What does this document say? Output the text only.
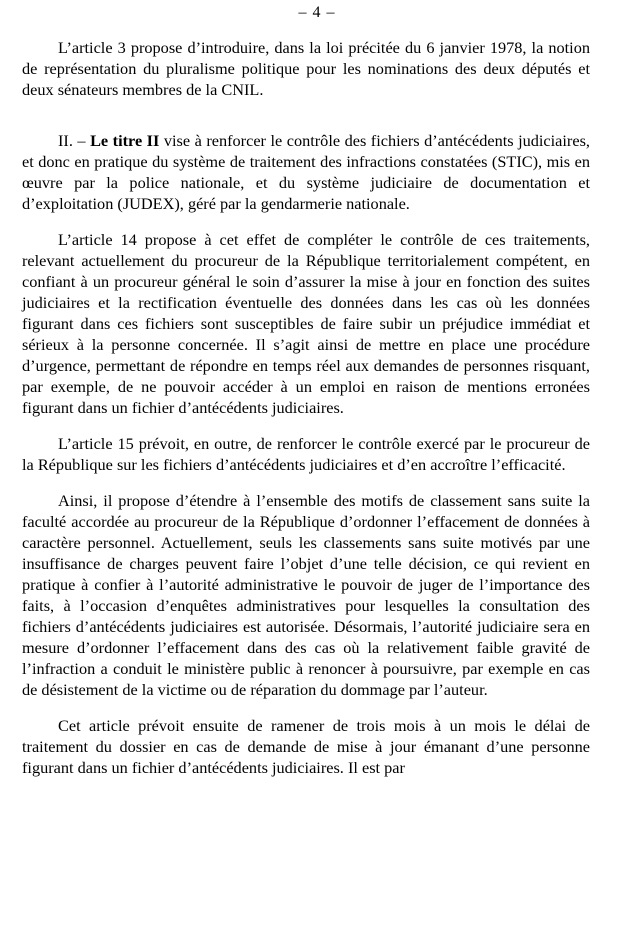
– 4 –

L’article 3 propose d’introduire, dans la loi précitée du 6 janvier 1978, la notion de représentation du pluralisme politique pour les nominations des deux députés et deux sénateurs membres de la CNIL.

II. – Le titre II vise à renforcer le contrôle des fichiers d’antécédents judiciaires, et donc en pratique du système de traitement des infractions constatées (STIC), mis en œuvre par la police nationale, et du système judiciaire de documentation et d’exploitation (JUDEX), géré par la gendarmerie nationale.

L’article 14 propose à cet effet de compléter le contrôle de ces traitements, relevant actuellement du procureur de la République territorialement compétent, en confiant à un procureur général le soin d’assurer la mise à jour en fonction des suites judiciaires et la rectification éventuelle des données dans les cas où les données figurant dans ces fichiers sont susceptibles de faire subir un préjudice immédiat et sérieux à la personne concernée. Il s’agit ainsi de mettre en place une procédure d’urgence, permettant de répondre en temps réel aux demandes de personnes risquant, par exemple, de ne pouvoir accéder à un emploi en raison de mentions erronées figurant dans un fichier d’antécédents judiciaires.

L’article 15 prévoit, en outre, de renforcer le contrôle exercé par le procureur de la République sur les fichiers d’antécédents judiciaires et d’en accroître l’efficacité.

Ainsi, il propose d’étendre à l’ensemble des motifs de classement sans suite la faculté accordée au procureur de la République d’ordonner l’effacement de données à caractère personnel. Actuellement, seuls les classements sans suite motivés par une insuffisance de charges peuvent faire l’objet d’une telle décision, ce qui revient en pratique à confier à l’autorité administrative le pouvoir de juger de l’importance des faits, à l’occasion d’enquêtes administratives pour lesquelles la consultation des fichiers d’antécédents judiciaires est autorisée. Désormais, l’autorité judiciaire sera en mesure d’ordonner l’effacement dans des cas où la relativement faible gravité de l’infraction a conduit le ministère public à renoncer à poursuivre, par exemple en cas de désistement de la victime ou de réparation du dommage par l’auteur.

Cet article prévoit ensuite de ramener de trois mois à un mois le délai de traitement du dossier en cas de demande de mise à jour émanant d’une personne figurant dans un fichier d’antécédents judiciaires. Il est par
